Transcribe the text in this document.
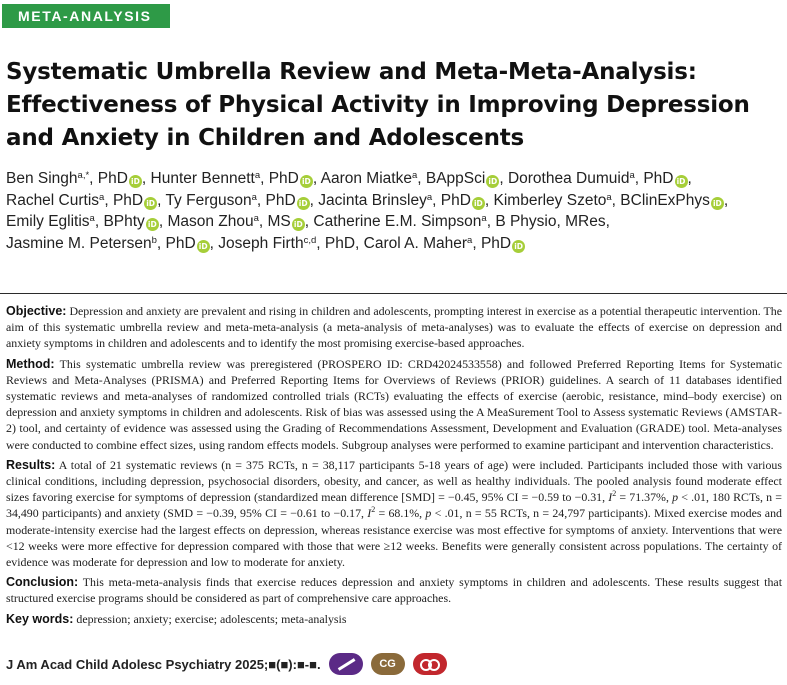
META-ANALYSIS
Systematic Umbrella Review and Meta-Meta-Analysis: Effectiveness of Physical Activity in Improving Depression and Anxiety in Children and Adolescents
Ben Singh$^{a,*}$, PhD iD , Hunter Bennett$^a$, PhD iD , Aaron Miatke$^a$, BAppSci iD , Dorothea Dumuid$^a$, PhD iD , Rachel Curtis$^a$, PhD iD , Ty Ferguson$^a$, PhD iD , Jacinta Brinsley$^a$, PhD iD , Kimberley Szeto$^a$, BClinExPhys iD , Emily Eglitis$^a$, BPhty iD , Mason Zhou$^a$, MS iD , Catherine E.M. Simpson$^a$, B Physio, MRes, Jasmine M. Petersen$^b$, PhD iD , Joseph Firth$^{c,d}$, PhD, Carol A. Maher$^a$, PhD iD

Objective: Depression and anxiety are prevalent and rising in children and adolescents, prompting interest in exercise as a potential therapeutic intervention. The aim of this systematic umbrella review and meta-meta-analysis (a meta-analysis of meta-analyses) was to evaluate the effects of exercise on depression and anxiety symptoms in children and adolescents and to identify the most promising exercise-based approaches.

Method: This systematic umbrella review was preregistered (PROSPERO ID: CRD42024533558) and followed Preferred Reporting Items for Systematic Reviews and Meta-Analyses (PRISMA) and Preferred Reporting Items for Overviews of Reviews (PRIOR) guidelines. A search of 11 databases identified systematic reviews and meta-analyses of randomized controlled trials (RCTs) evaluating the effects of exercise (aerobic, resistance, mind–body exercise) on depression and anxiety symptoms in children and adolescents. Risk of bias was assessed using the A MeaSurement Tool to Assess systematic Reviews (AMSTAR-2) tool, and certainty of evidence was assessed using the Grading of Recommendations Assessment, Development and Evaluation (GRADE) tool. Meta-analyses were conducted to combine effect sizes, using random effects models. Subgroup analyses were performed to examine participant and intervention characteristics.

Results: A total of 21 systematic reviews (n = 375 RCTs, n = 38,117 participants 5-18 years of age) were included. Participants included those with various clinical conditions, including depression, psychosocial disorders, obesity, and cancer, as well as healthy individuals. The pooled analysis found moderate effect sizes favoring exercise for symptoms of depression (standardized mean difference [SMD] = −0.45, 95% CI = −0.59 to −0.31, $I^2 = 71.37\%$, p < .01, 180 RCTs, n = 34,490 participants) and anxiety (SMD = −0.39, 95% CI = −0.61 to −0.17, $I^2 = 68.1\%$, p < .01, n = 55 RCTs, n = 24,797 participants). Mixed exercise modes and moderate-intensity exercise had the largest effects on depression, whereas resistance exercise was most effective for symptoms of anxiety. Interventions that were <12 weeks were more effective for depression compared with those that were ≥12 weeks. Benefits were generally consistent across populations. The certainty of evidence was moderate for depression and low to moderate for anxiety.

Conclusion: This meta-meta-analysis finds that exercise reduces depression and anxiety symptoms in children and adolescents. These results suggest that structured exercise programs should be considered as part of comprehensive care approaches.

Key words: depression; anxiety; exercise; adolescents; meta-analysis

J Am Acad Child Adolesc Psychiatry 2025;■(■):■-■.	CG
